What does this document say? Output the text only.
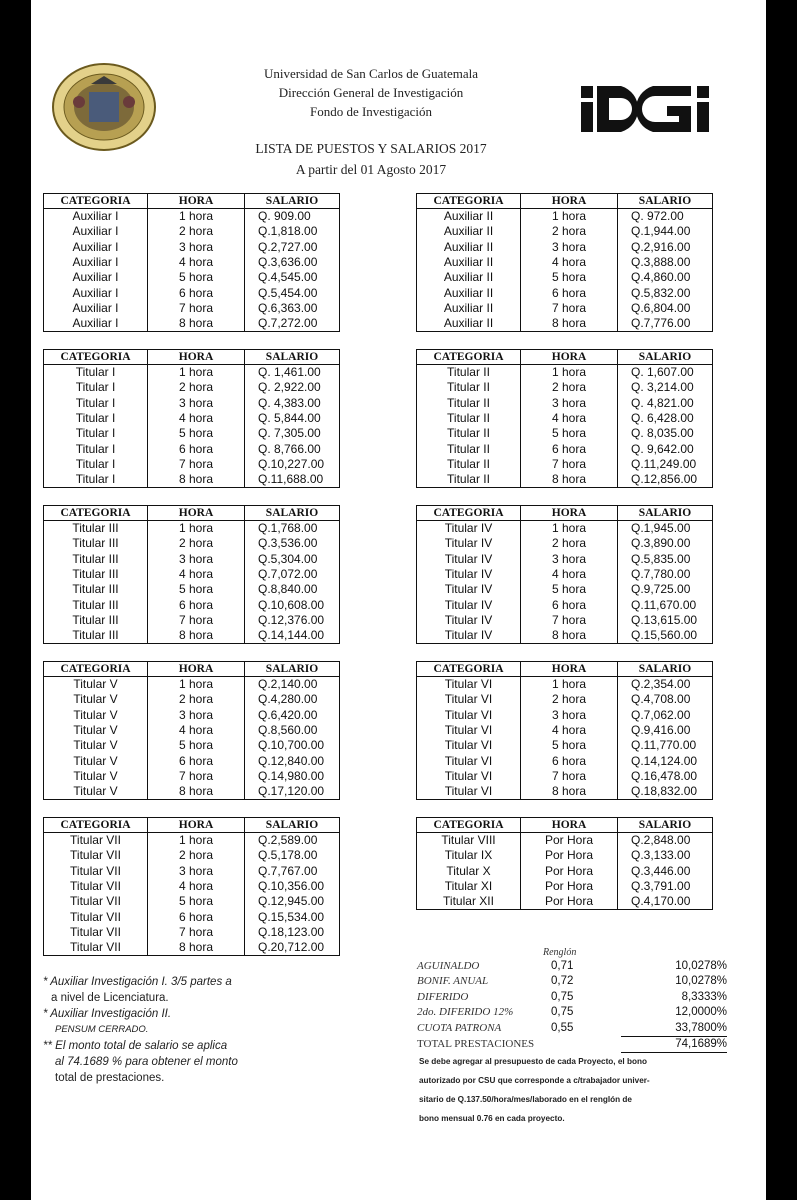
Universidad de San Carlos de Guatemala
Dirección General de Investigación
Fondo de Investigación
LISTA DE PUESTOS Y SALARIOS 2017
A partir del 01 Agosto 2017
* Auxiliar Investigación I. 3/5 partes a
a nivel de Licenciatura.
* Auxiliar Investigación II.
PENSUM CERRADO.
** El monto total de salario se aplica
al 74.1689 % para obtener el monto
total de prestaciones.
Renglón
AGUINALDO	0,71	10,0278%
BONIF. ANUAL	0,72	10,0278%
DIFERIDO	0,75	8,3333%
2do. DIFERIDO 12%	0,75	12,0000%
CUOTA PATRONA	0,55	33,7800%
TOTAL PRESTACIONES		74,1689%
Se debe agregar al presupuesto de cada Proyecto, el bono
autorizado por CSU que corresponde a c/trabajador univer-
sitario de Q.137.50/hora/mes/laborado en el renglón de
bono mensual 0.76 en cada proyecto.
CATEGORIA	HORA	SALARIO
Auxiliar I	1 hora	Q. 909.00
Auxiliar I	2 hora	Q.1,818.00
Auxiliar I	3 hora	Q.2,727.00
Auxiliar I	4 hora	Q.3,636.00
Auxiliar I	5 hora	Q.4,545.00
Auxiliar I	6 hora	Q.5,454.00
Auxiliar I	7 hora	Q.6,363.00
Auxiliar I	8 hora	Q.7,272.00
CATEGORIA	HORA	SALARIO
Auxiliar II	1 hora	Q. 972.00
Auxiliar II	2 hora	Q.1,944.00
Auxiliar II	3 hora	Q.2,916.00
Auxiliar II	4 hora	Q.3,888.00
Auxiliar II	5 hora	Q.4,860.00
Auxiliar II	6 hora	Q.5,832.00
Auxiliar II	7 hora	Q.6,804.00
Auxiliar II	8 hora	Q.7,776.00
CATEGORIA	HORA	SALARIO
Titular I	1 hora	Q. 1,461.00
Titular I	2 hora	Q. 2,922.00
Titular I	3 hora	Q. 4,383.00
Titular I	4 hora	Q. 5,844.00
Titular I	5 hora	Q. 7,305.00
Titular I	6 hora	Q. 8,766.00
Titular I	7 hora	Q.10,227.00
Titular I	8 hora	Q.11,688.00
CATEGORIA	HORA	SALARIO
Titular II	1 hora	Q. 1,607.00
Titular II	2 hora	Q. 3,214.00
Titular II	3 hora	Q. 4,821.00
Titular II	4 hora	Q. 6,428.00
Titular II	5 hora	Q. 8,035.00
Titular II	6 hora	Q. 9,642.00
Titular II	7 hora	Q.11,249.00
Titular II	8 hora	Q.12,856.00
CATEGORIA	HORA	SALARIO
Titular III	1 hora	Q.1,768.00
Titular III	2 hora	Q.3,536.00
Titular III	3 hora	Q.5,304.00
Titular III	4 hora	Q.7,072.00
Titular III	5 hora	Q.8,840.00
Titular III	6 hora	Q.10,608.00
Titular III	7 hora	Q.12,376.00
Titular III	8 hora	Q.14,144.00
CATEGORIA	HORA	SALARIO
Titular IV	1 hora	Q.1,945.00
Titular IV	2 hora	Q.3,890.00
Titular IV	3 hora	Q.5,835.00
Titular IV	4 hora	Q.7,780.00
Titular IV	5 hora	Q.9,725.00
Titular IV	6 hora	Q.11,670.00
Titular IV	7 hora	Q.13,615.00
Titular IV	8 hora	Q.15,560.00
CATEGORIA	HORA	SALARIO
Titular V	1 hora	Q.2,140.00
Titular V	2 hora	Q.4,280.00
Titular V	3 hora	Q.6,420.00
Titular V	4 hora	Q.8,560.00
Titular V	5 hora	Q.10,700.00
Titular V	6 hora	Q.12,840.00
Titular V	7 hora	Q.14,980.00
Titular V	8 hora	Q.17,120.00
CATEGORIA	HORA	SALARIO
Titular VI	1 hora	Q.2,354.00
Titular VI	2 hora	Q.4,708.00
Titular VI	3 hora	Q.7,062.00
Titular VI	4 hora	Q.9,416.00
Titular VI	5 hora	Q.11,770.00
Titular VI	6 hora	Q.14,124.00
Titular VI	7 hora	Q.16,478.00
Titular VI	8 hora	Q.18,832.00
CATEGORIA	HORA	SALARIO
Titular VII	1 hora	Q.2,589.00
Titular VII	2 hora	Q.5,178.00
Titular VII	3 hora	Q.7,767.00
Titular VII	4 hora	Q.10,356.00
Titular VII	5 hora	Q.12,945.00
Titular VII	6 hora	Q.15,534.00
Titular VII	7 hora	Q.18,123.00
Titular VII	8 hora	Q.20,712.00
CATEGORIA	HORA	SALARIO
Titular VIII	Por Hora	Q.2,848.00
Titular IX	Por Hora	Q.3,133.00
Titular X	Por Hora	Q.3,446.00
Titular XI	Por Hora	Q.3,791.00
Titular XII	Por Hora	Q.4,170.00
